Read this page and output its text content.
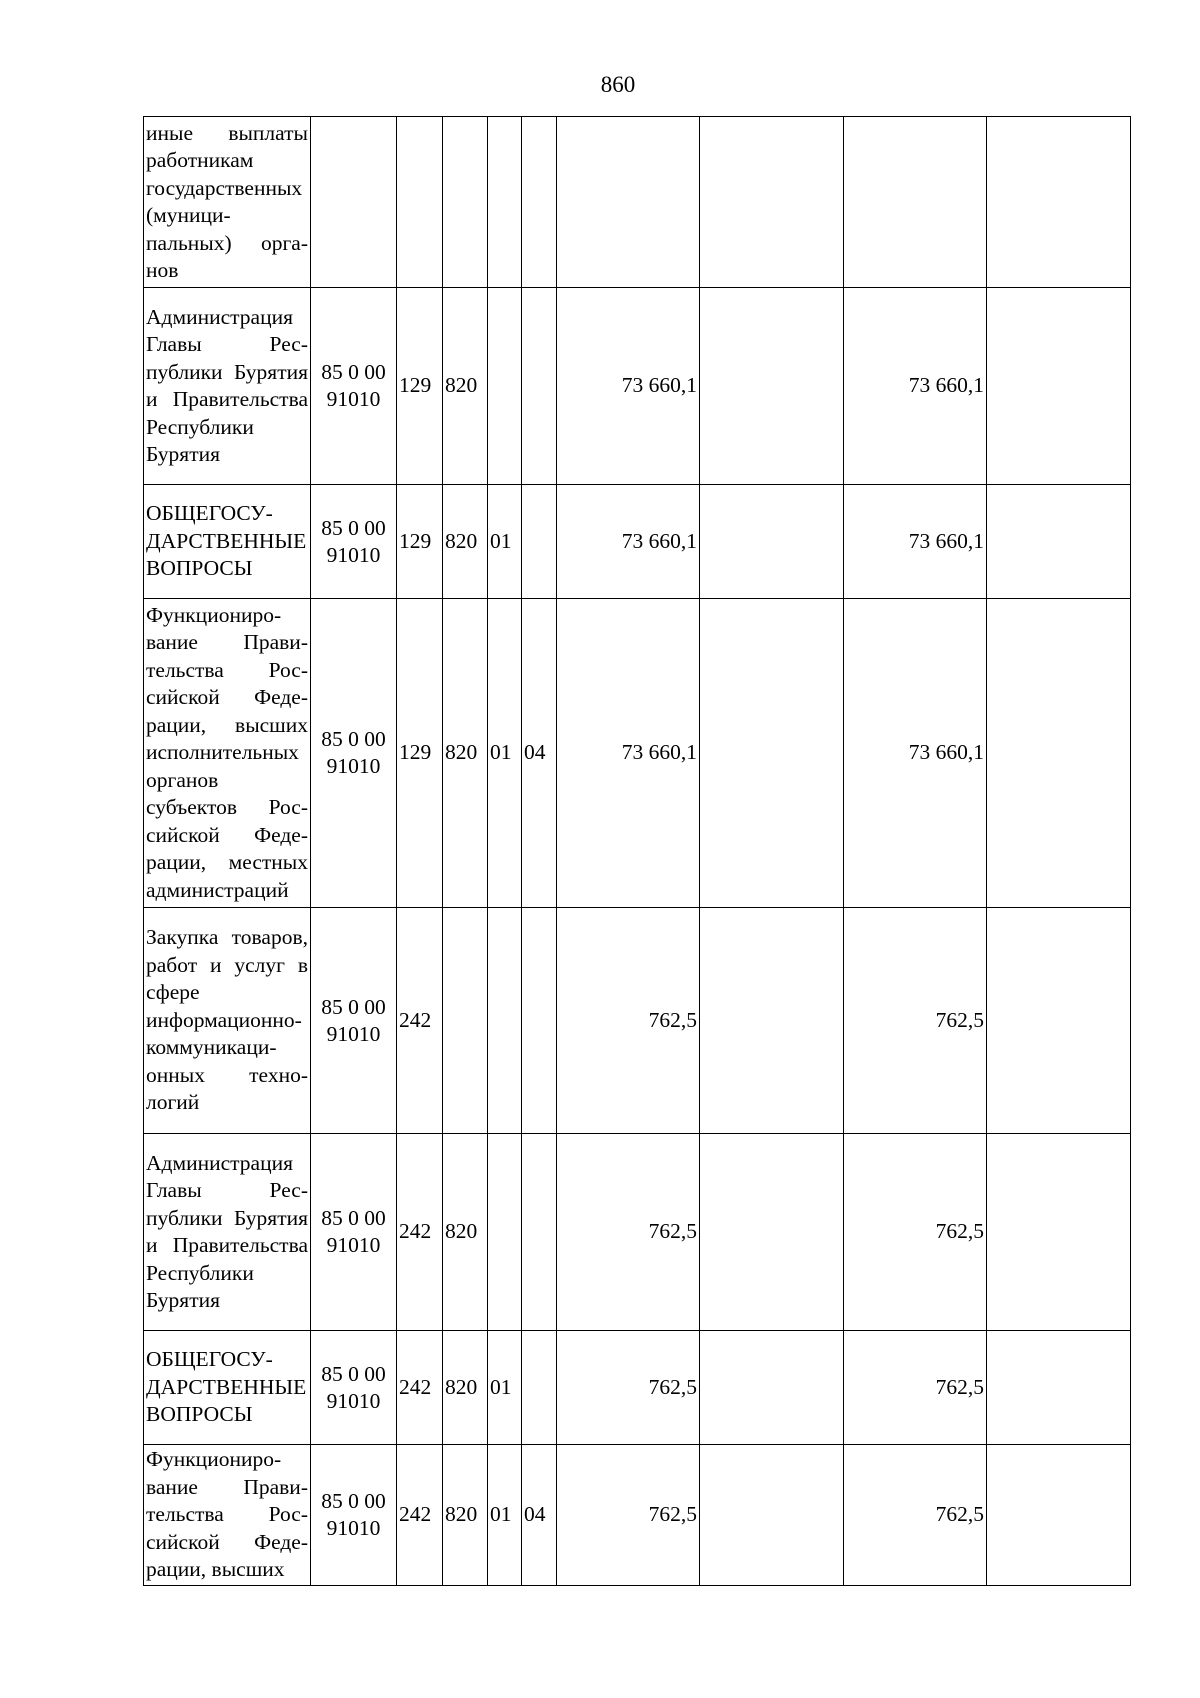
860
иные выплаты работникам государственных (муниципальных) органов									
Администрация Главы Республики Бурятия и Правительства Республики Бурятия	85 0 00 91010	129	820			73 660,1		73 660,1	
ОБЩЕГОСУДАРСТВЕННЫЕ ВОПРОСЫ	85 0 00 91010	129	820	01		73 660,1		73 660,1	
Функционирование Правительства Российской Федерации, высших исполнительных органов субъектов Российской Федерации, местных администраций	85 0 00 91010	129	820	01	04	73 660,1		73 660,1	
Закупка товаров, работ и услуг в сфере информационно-коммуникационных технологий	85 0 00 91010	242				762,5		762,5	
Администрация Главы Республики Бурятия и Правительства Республики Бурятия	85 0 00 91010	242	820			762,5		762,5	
ОБЩЕГОСУДАРСТВЕННЫЕ ВОПРОСЫ	85 0 00 91010	242	820	01		762,5		762,5	
Функционирование Правительства Российской Федерации, высших	85 0 00 91010	242	820	01	04	762,5		762,5	
